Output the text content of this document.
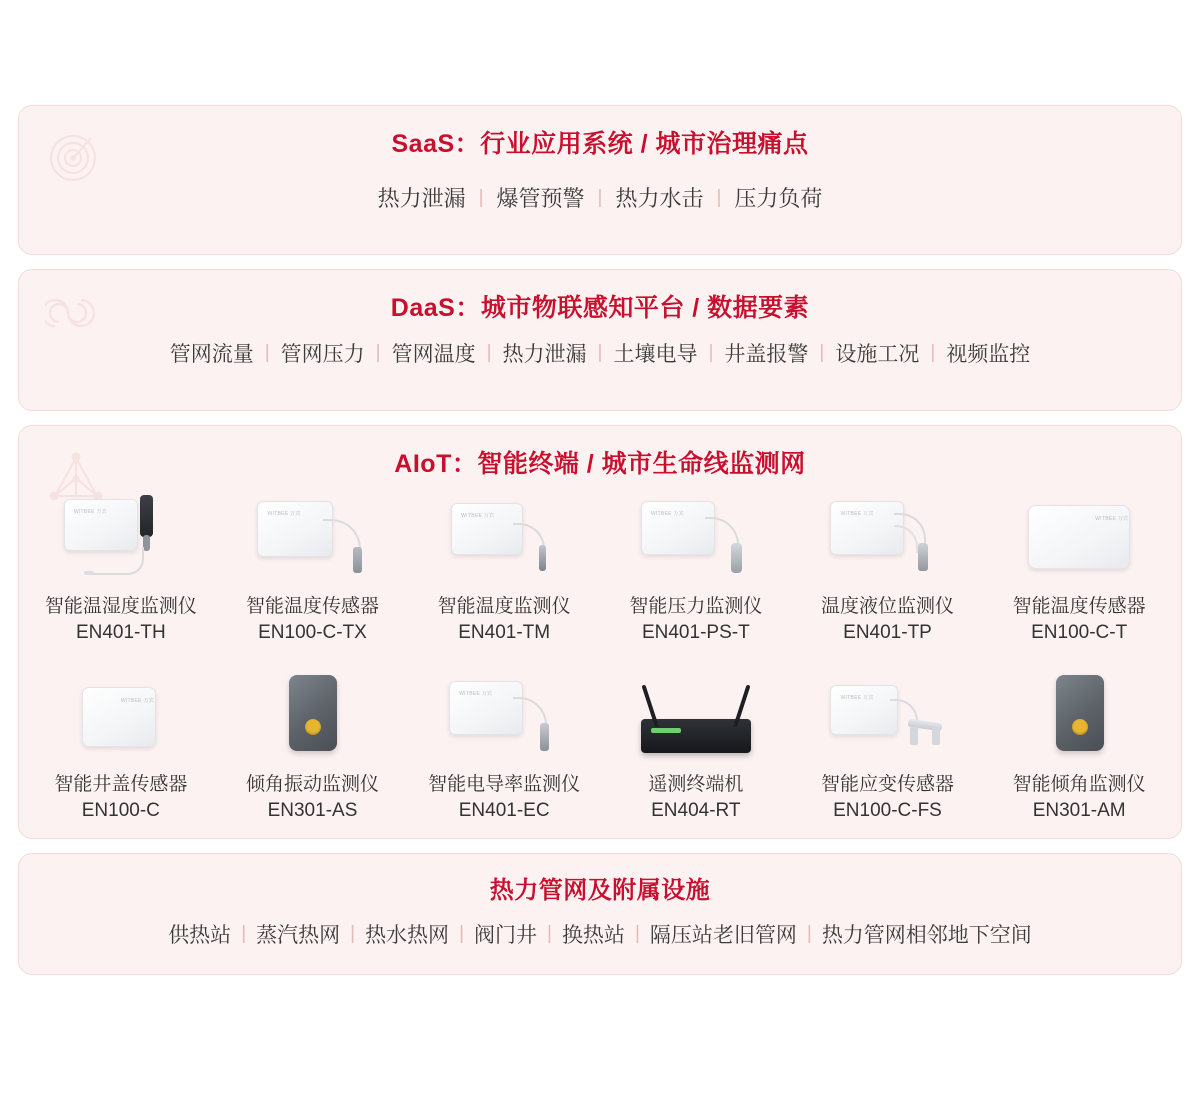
SaaS：行业应用系统 / 城市治理痛点
热力泄漏 | 爆管预警 | 热力水击 | 压力负荷
DaaS：城市物联感知平台 / 数据要素
管网流量 | 管网压力 | 管网温度 | 热力泄漏 | 土壤电导 | 井盖报警 | 设施工况 | 视频监控
AIoT：智能终端 / 城市生命线监测网
WITBEE 万宾
智能温湿度监测仪
EN401-TH
WITBEE 万宾
智能温度传感器
EN100-C-TX
WITBEE 万宾
智能温度监测仪
EN401-TM
WITBEE 万宾
智能压力监测仪
EN401-PS-T
WITBEE 万宾
温度液位监测仪
EN401-TP
WITBEE 万宾
智能温度传感器
EN100-C-T
WITBEE 万宾
智能井盖传感器
EN100-C
倾角振动监测仪
EN301-AS
WITBEE 万宾
智能电导率监测仪
EN401-EC
遥测终端机
EN404-RT
WITBEE 万宾
智能应变传感器
EN100-C-FS
智能倾角监测仪
EN301-AM
热力管网及附属设施
供热站 | 蒸汽热网 | 热水热网 | 阀门井 | 换热站 | 隔压站老旧管网 | 热力管网相邻地下空间
